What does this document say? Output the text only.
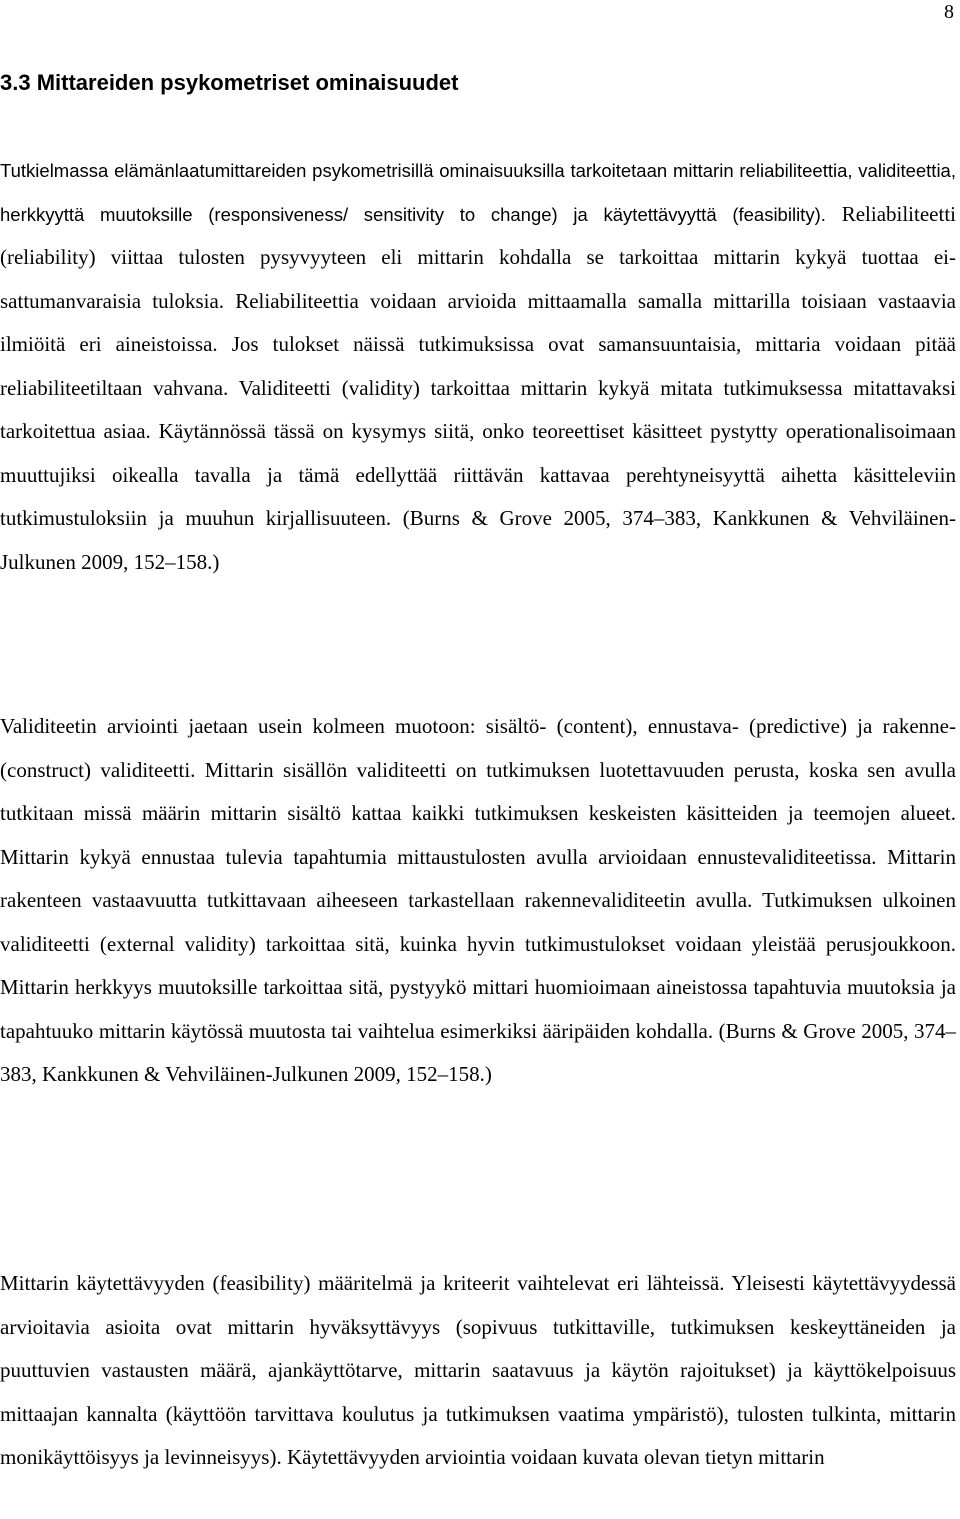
8
3.3 Mittareiden psykometriset ominaisuudet

Tutkielmassa elämänlaatumittareiden psykometrisillä ominaisuuksilla tarkoitetaan mittarin reliabiliteettia, validiteettia, herkkyyttä muutoksille (responsiveness/ sensitivity to change) ja käytettävyyttä (feasibility). Reliabiliteetti (reliability) viittaa tulosten pysyvyyteen eli mittarin kohdalla se tarkoittaa mittarin kykyä tuottaa ei-sattumanvaraisia tuloksia. Reliabiliteettia voidaan arvioida mittaamalla samalla mittarilla toisiaan vastaavia ilmiöitä eri aineistoissa. Jos tulokset näissä tutkimuksissa ovat samansuuntaisia, mittaria voidaan pitää reliabiliteetiltaan vahvana. Validiteetti (validity) tarkoittaa mittarin kykyä mitata tutkimuksessa mitattavaksi tarkoitettua asiaa. Käytännössä tässä on kysymys siitä, onko teoreettiset käsitteet pystytty operationalisoimaan muuttujiksi oikealla tavalla ja tämä edellyttää riittävän kattavaa perehtyneisyyttä aihetta käsitteleviin tutkimustuloksiin ja muuhun kirjallisuuteen. (Burns & Grove 2005, 374–383, Kankkunen & Vehviläinen-Julkunen 2009, 152–158.)

Validiteetin arviointi jaetaan usein kolmeen muotoon: sisältö- (content), ennustava- (predictive) ja rakenne- (construct) validiteetti. Mittarin sisällön validiteetti on tutkimuksen luotettavuuden perusta, koska sen avulla tutkitaan missä määrin mittarin sisältö kattaa kaikki tutkimuksen keskeisten käsitteiden ja teemojen alueet. Mittarin kykyä ennustaa tulevia tapahtumia mittaustulosten avulla arvioidaan ennustevaliditeetissa. Mittarin rakenteen vastaavuutta tutkittavaan aiheeseen tarkastellaan rakennevaliditeetin avulla. Tutkimuksen ulkoinen validiteetti (external validity) tarkoittaa sitä, kuinka hyvin tutkimustulokset voidaan yleistää perusjoukkoon. Mittarin herkkyys muutoksille tarkoittaa sitä, pystyykö mittari huomioimaan aineistossa tapahtuvia muutoksia ja tapahtuuko mittarin käytössä muutosta tai vaihtelua esimerkiksi ääripäiden kohdalla. (Burns & Grove 2005, 374–383, Kankkunen & Vehviläinen-Julkunen 2009, 152–158.)

Mittarin käytettävyyden (feasibility) määritelmä ja kriteerit vaihtelevat eri lähteissä. Yleisesti käytettävyydessä arvioitavia asioita ovat mittarin hyväksyttävyys (sopivuus tutkittaville, tutkimuksen keskeyttäneiden ja puuttuvien vastausten määrä, ajankäyttötarve, mittarin saatavuus ja käytön rajoitukset) ja käyttökelpoisuus mittaajan kannalta (käyttöön tarvittava koulutus ja tutkimuksen vaatima ympäristö), tulosten tulkinta, mittarin monikäyttöisyys ja levinneisyys). Käytettävyyden arviointia voidaan kuvata olevan tietyn mittarin
